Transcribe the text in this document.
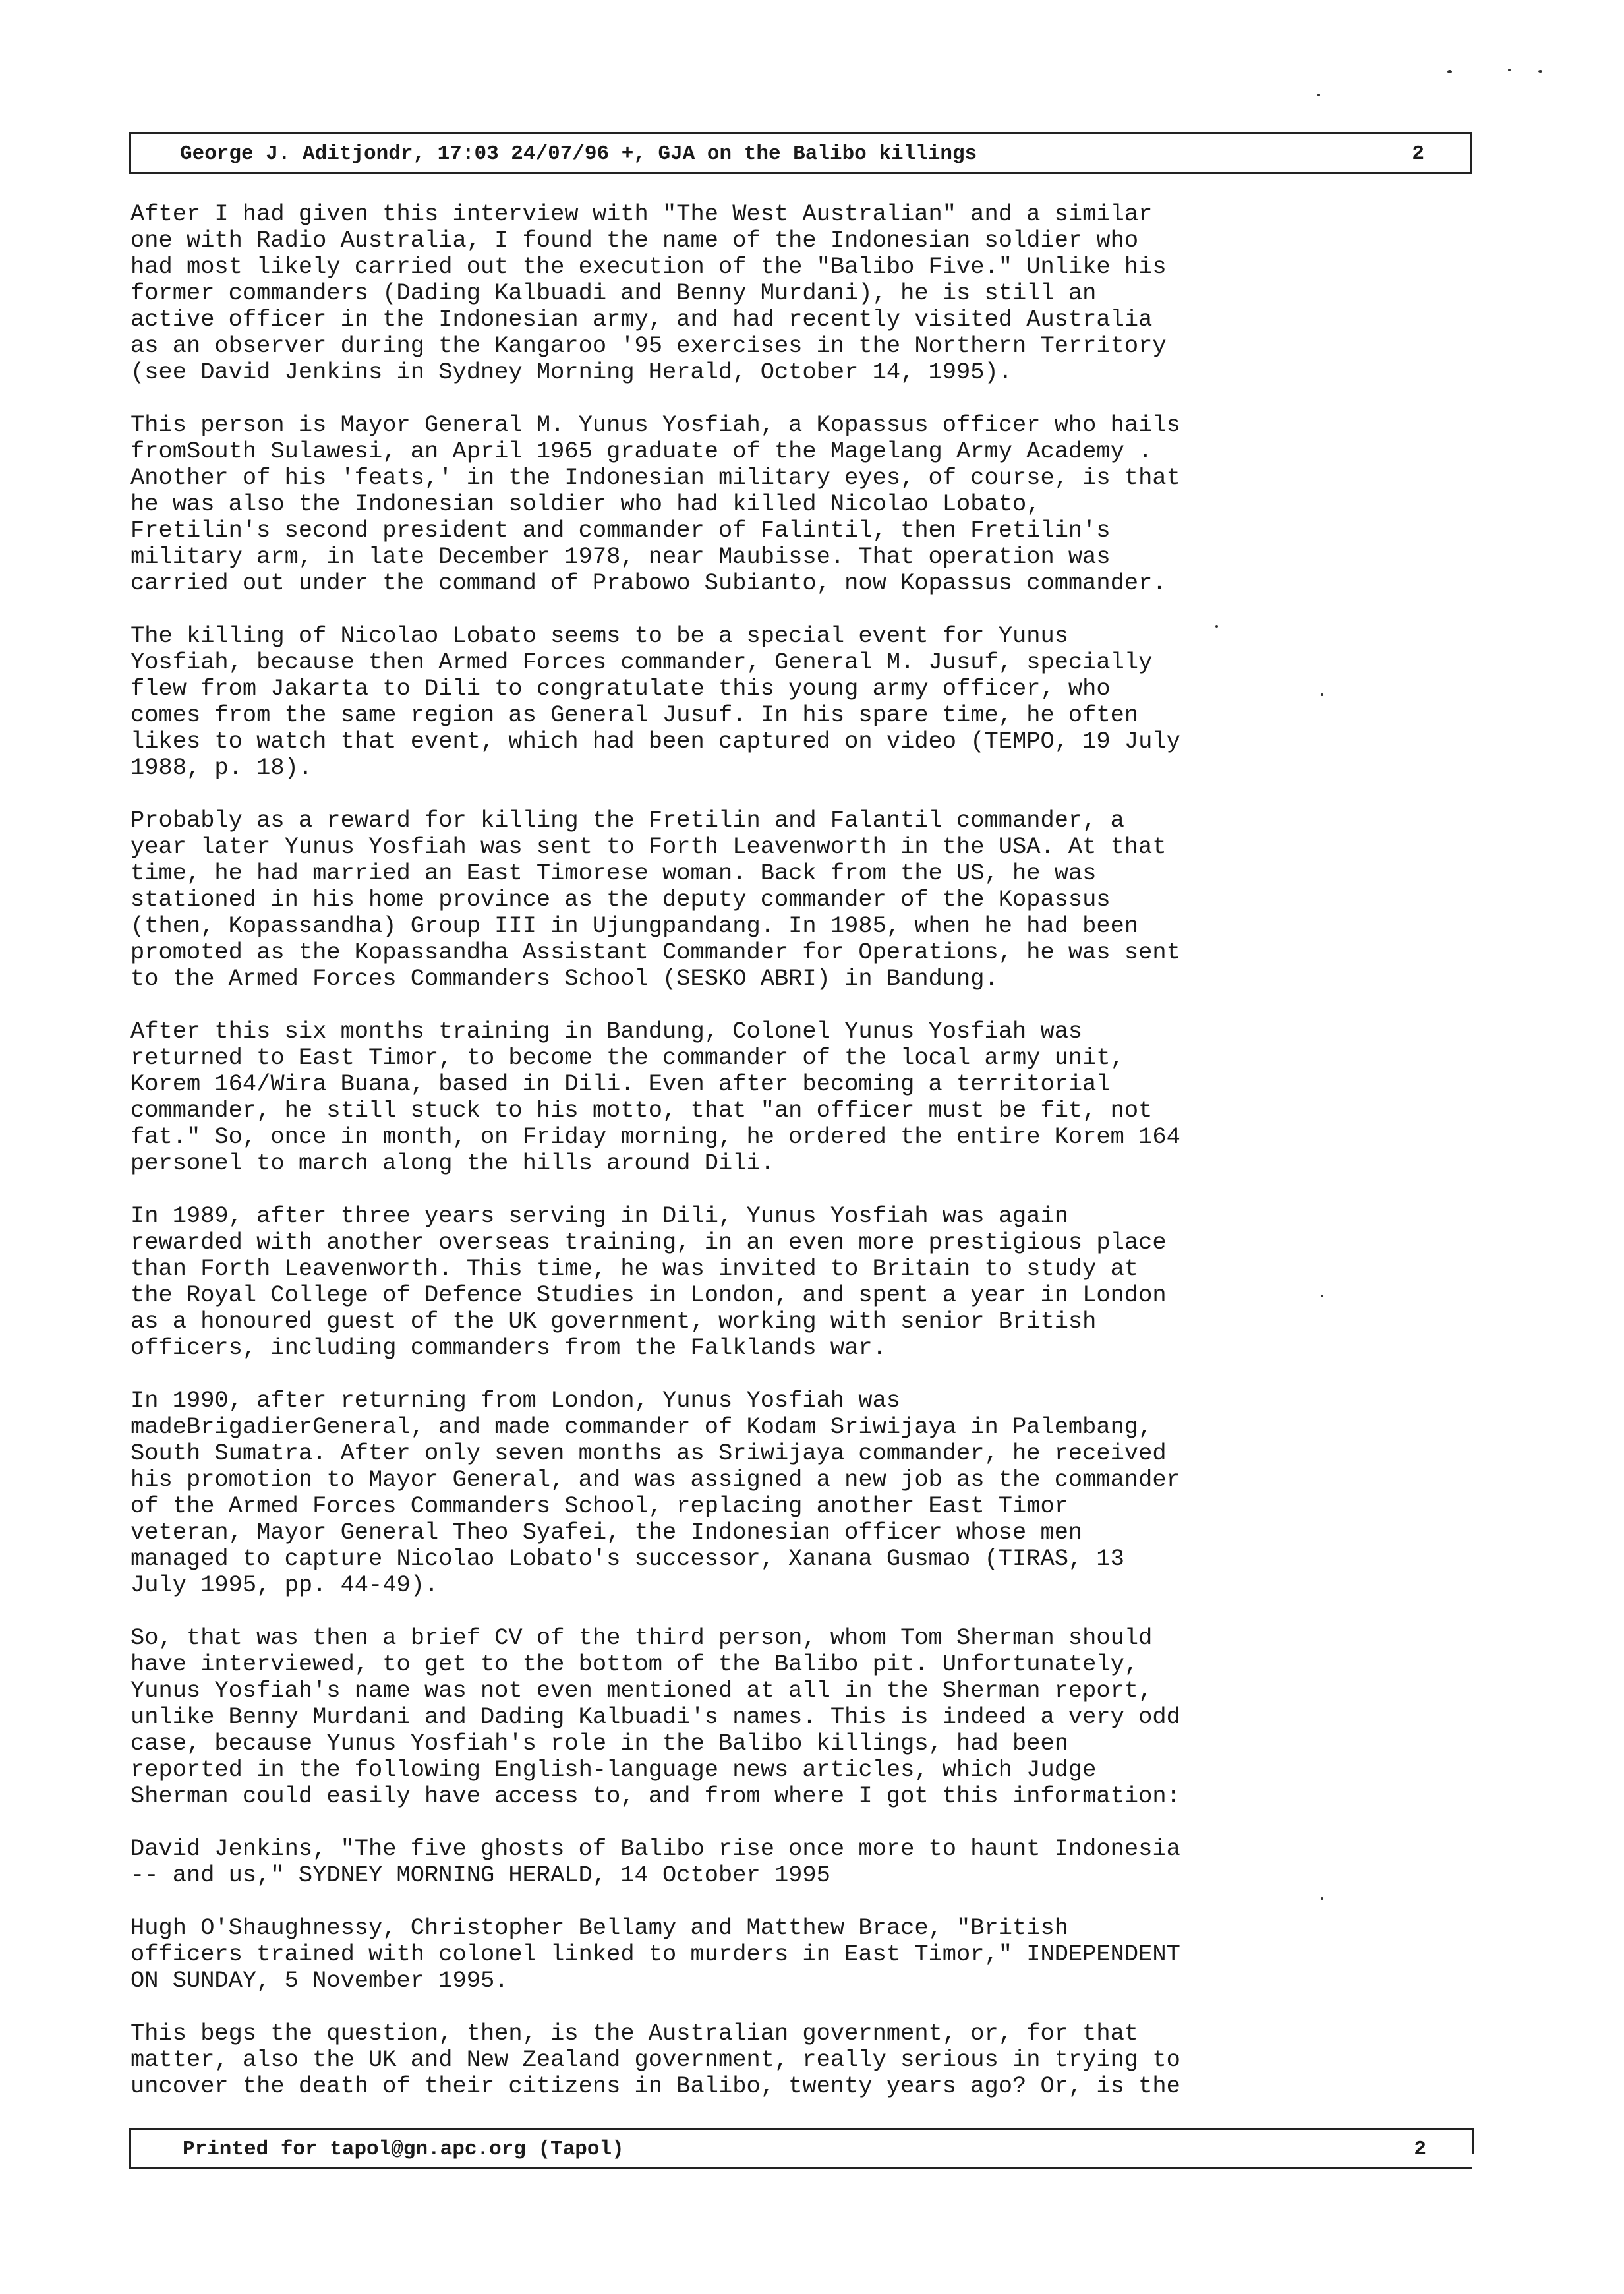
George J. Aditjondr, 17:03 24/07/96 +, GJA on the Balibo killings	2
After I had given this interview with "The West Australian" and a similar
one with Radio Australia, I found the name of the Indonesian soldier who
had most likely carried out the execution of the "Balibo Five." Unlike his
former commanders (Dading Kalbuadi and Benny Murdani), he is still an
active officer in the Indonesian army, and had recently visited Australia
as an observer during the Kangaroo '95 exercises in the Northern Territory
(see David Jenkins in Sydney Morning Herald, October 14, 1995).
This person is Mayor General M. Yunus Yosfiah, a Kopassus officer who hails
fromSouth Sulawesi, an April 1965 graduate of the Magelang Army Academy .
Another of his 'feats,' in the Indonesian military eyes, of course, is that
he was also the Indonesian soldier who had killed Nicolao Lobato,
Fretilin's second president and commander of Falintil, then Fretilin's
military arm, in late December 1978, near Maubisse. That operation was
carried out under the command of Prabowo Subianto, now Kopassus commander.
The killing of Nicolao Lobato seems to be a special event for Yunus
Yosfiah, because then Armed Forces commander, General M. Jusuf, specially
flew from Jakarta to Dili to congratulate this young army officer, who
comes from the same region as General Jusuf. In his spare time, he often
likes to watch that event, which had been captured on video (TEMPO, 19 July
1988, p. 18).
Probably as a reward for killing the Fretilin and Falantil commander, a
year later Yunus Yosfiah was sent to Forth Leavenworth in the USA. At that
time, he had married an East Timorese woman. Back from the US, he was
stationed in his home province as the deputy commander of the Kopassus
(then, Kopassandha) Group III in Ujungpandang. In 1985, when he had been
promoted as the Kopassandha Assistant Commander for Operations, he was sent
to the Armed Forces Commanders School (SESKO ABRI) in Bandung.
After this six months training in Bandung, Colonel Yunus Yosfiah was
returned to East Timor, to become the commander of the local army unit,
Korem 164/Wira Buana, based in Dili. Even after becoming a territorial
commander, he still stuck to his motto, that "an officer must be fit, not
fat." So, once in month, on Friday morning, he ordered the entire Korem 164
personel to march along the hills around Dili.
In 1989, after three years serving in Dili, Yunus Yosfiah was again
rewarded with another overseas training, in an even more prestigious place
than Forth Leavenworth. This time, he was invited to Britain to study at
the Royal College of Defence Studies in London, and spent a year in London
as a honoured guest of the UK government, working with senior British
officers, including commanders from the Falklands war.
In 1990, after returning from London, Yunus Yosfiah was
madeBrigadierGeneral, and made commander of Kodam Sriwijaya in Palembang,
South Sumatra. After only seven months as Sriwijaya commander, he received
his promotion to Mayor General, and was assigned a new job as the commander
of the Armed Forces Commanders School, replacing another East Timor
veteran, Mayor General Theo Syafei, the Indonesian officer whose men
managed to capture Nicolao Lobato's successor, Xanana Gusmao (TIRAS, 13
July 1995, pp. 44-49).
So, that was then a brief CV of the third person, whom Tom Sherman should
have interviewed, to get to the bottom of the Balibo pit. Unfortunately,
Yunus Yosfiah's name was not even mentioned at all in the Sherman report,
unlike Benny Murdani and Dading Kalbuadi's names. This is indeed a very odd
case, because Yunus Yosfiah's role in the Balibo killings, had been
reported in the following English-language news articles, which Judge
Sherman could easily have access to, and from where I got this information:
David Jenkins, "The five ghosts of Balibo rise once more to haunt Indonesia
-- and us," SYDNEY MORNING HERALD, 14 October 1995
Hugh O'Shaughnessy, Christopher Bellamy and Matthew Brace, "British
officers trained with colonel linked to murders in East Timor," INDEPENDENT
ON SUNDAY, 5 November 1995.
This begs the question, then, is the Australian government, or, for that
matter, also the UK and New Zealand government, really serious in trying to
uncover the death of their citizens in Balibo, twenty years ago? Or, is the
Printed for tapol@gn.apc.org (Tapol)	2
